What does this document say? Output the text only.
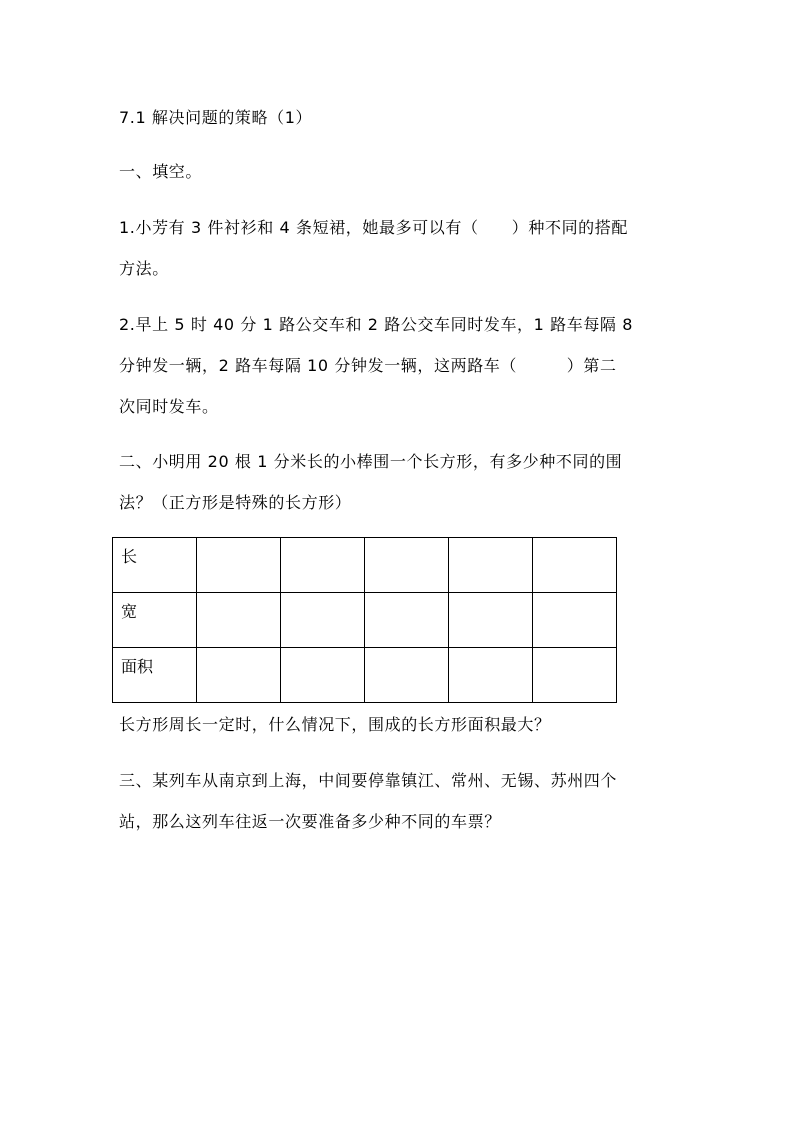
7.1 解决问题的策略（1）
一、填空。
1.小芳有 3 件衬衫和 4 条短裙，她最多可以有（　　）种不同的搭配
方法。
2.早上 5 时 40 分 1 路公交车和 2 路公交车同时发车，1 路车每隔 8
分钟发一辆，2 路车每隔 10 分钟发一辆，这两路车（　　　）第二
次同时发车。
二、小明用 20 根 1 分米长的小棒围一个长方形，有多少种不同的围
法？（正方形是特殊的长方形）
长					

宽					

面积					

长方形周长一定时，什么情况下，围成的长方形面积最大？
三、某列车从南京到上海，中间要停靠镇江、常州、无锡、苏州四个
站，那么这列车往返一次要准备多少种不同的车票？
